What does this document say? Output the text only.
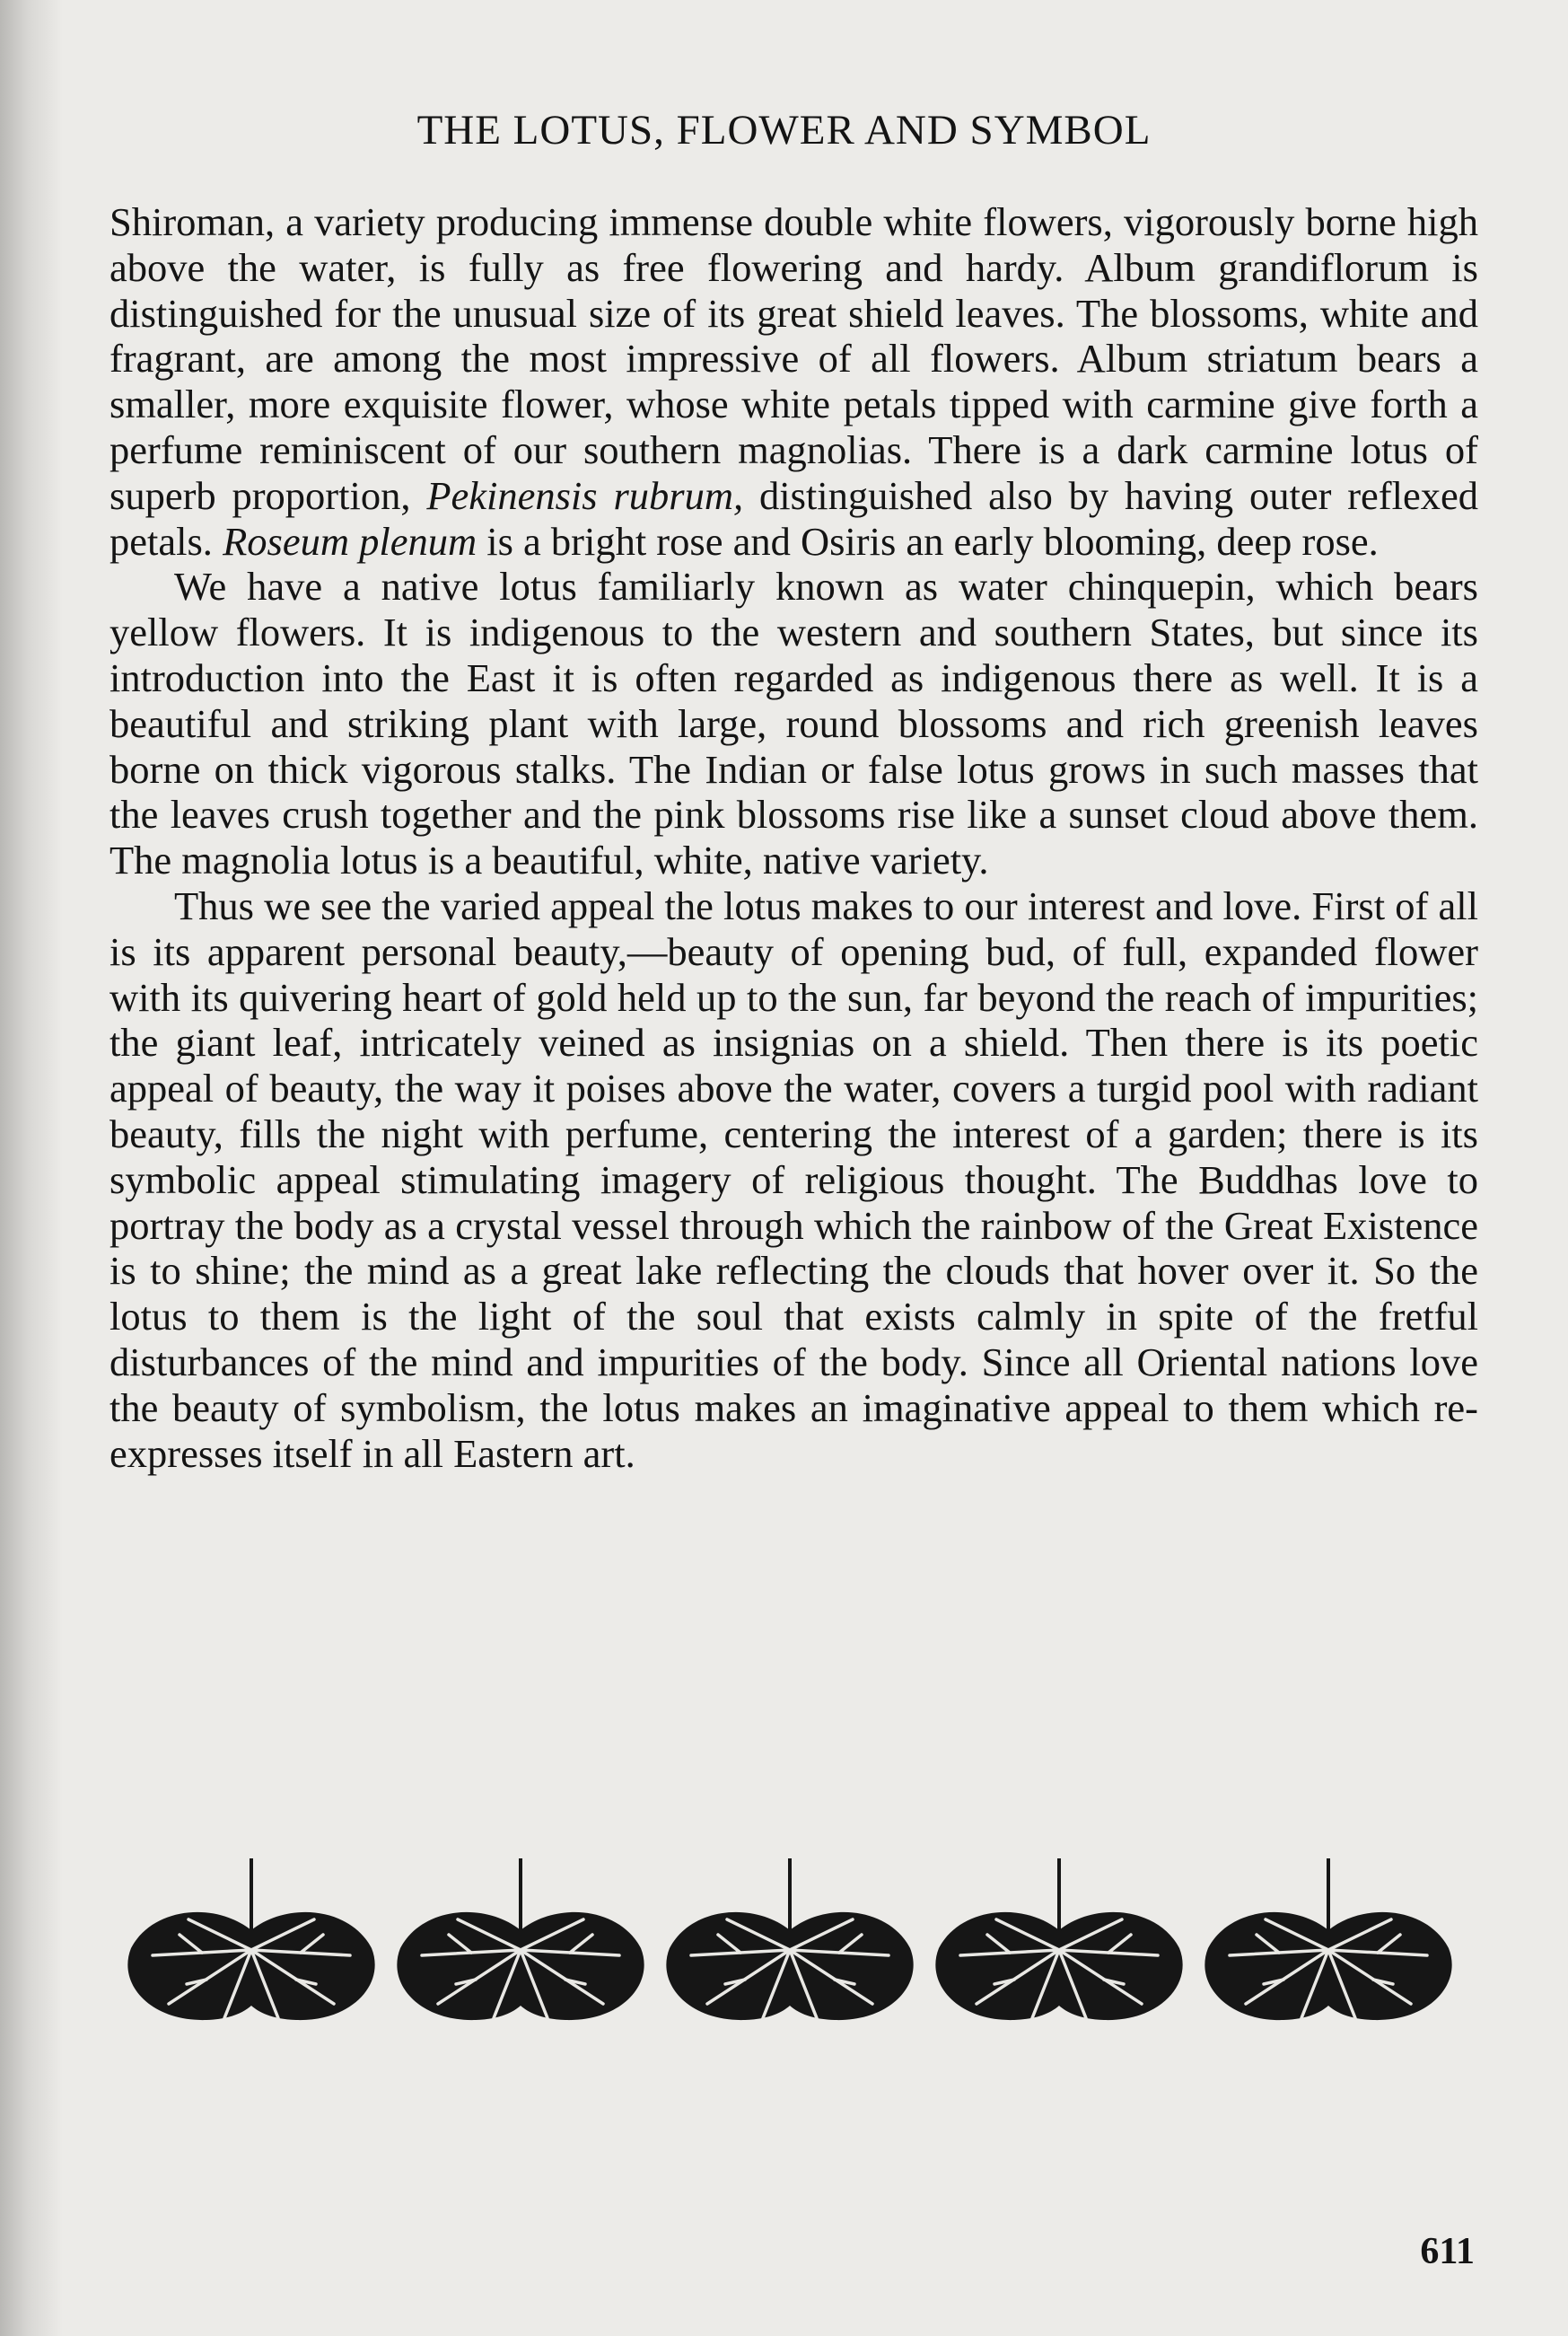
THE LOTUS, FLOWER AND SYMBOL

Shiroman, a variety producing immense double white flowers, vigorously borne high above the water, is fully as free flowering and hardy. Album grandiflorum is distinguished for the unusual size of its great shield leaves. The blossoms, white and fragrant, are among the most impressive of all flowers. Album striatum bears a smaller, more exquisite flower, whose white petals tipped with carmine give forth a perfume reminiscent of our southern magnolias. There is a dark carmine lotus of superb proportion, Pekinensis rubrum, distinguished also by having outer reflexed petals. Roseum plenum is a bright rose and Osiris an early blooming, deep rose.

We have a native lotus familiarly known as water chinquepin, which bears yellow flowers. It is indigenous to the western and southern States, but since its introduction into the East it is often regarded as indigenous there as well. It is a beautiful and striking plant with large, round blossoms and rich greenish leaves borne on thick vigorous stalks. The Indian or false lotus grows in such masses that the leaves crush together and the pink blossoms rise like a sunset cloud above them. The magnolia lotus is a beautiful, white, native variety.

Thus we see the varied appeal the lotus makes to our interest and love. First of all is its apparent personal beauty,—beauty of opening bud, of full, expanded flower with its quivering heart of gold held up to the sun, far beyond the reach of impurities; the giant leaf, intricately veined as insignias on a shield. Then there is its poetic appeal of beauty, the way it poises above the water, covers a turgid pool with radiant beauty, fills the night with perfume, centering the interest of a garden; there is its symbolic appeal stimulating imagery of religious thought. The Buddhas love to portray the body as a crystal vessel through which the rainbow of the Great Existence is to shine; the mind as a great lake reflecting the clouds that hover over it. So the lotus to them is the light of the soul that exists calmly in spite of the fretful disturbances of the mind and impurities of the body. Since all Oriental nations love the beauty of symbolism, the lotus makes an imaginative appeal to them which re-expresses itself in all Eastern art.

611
